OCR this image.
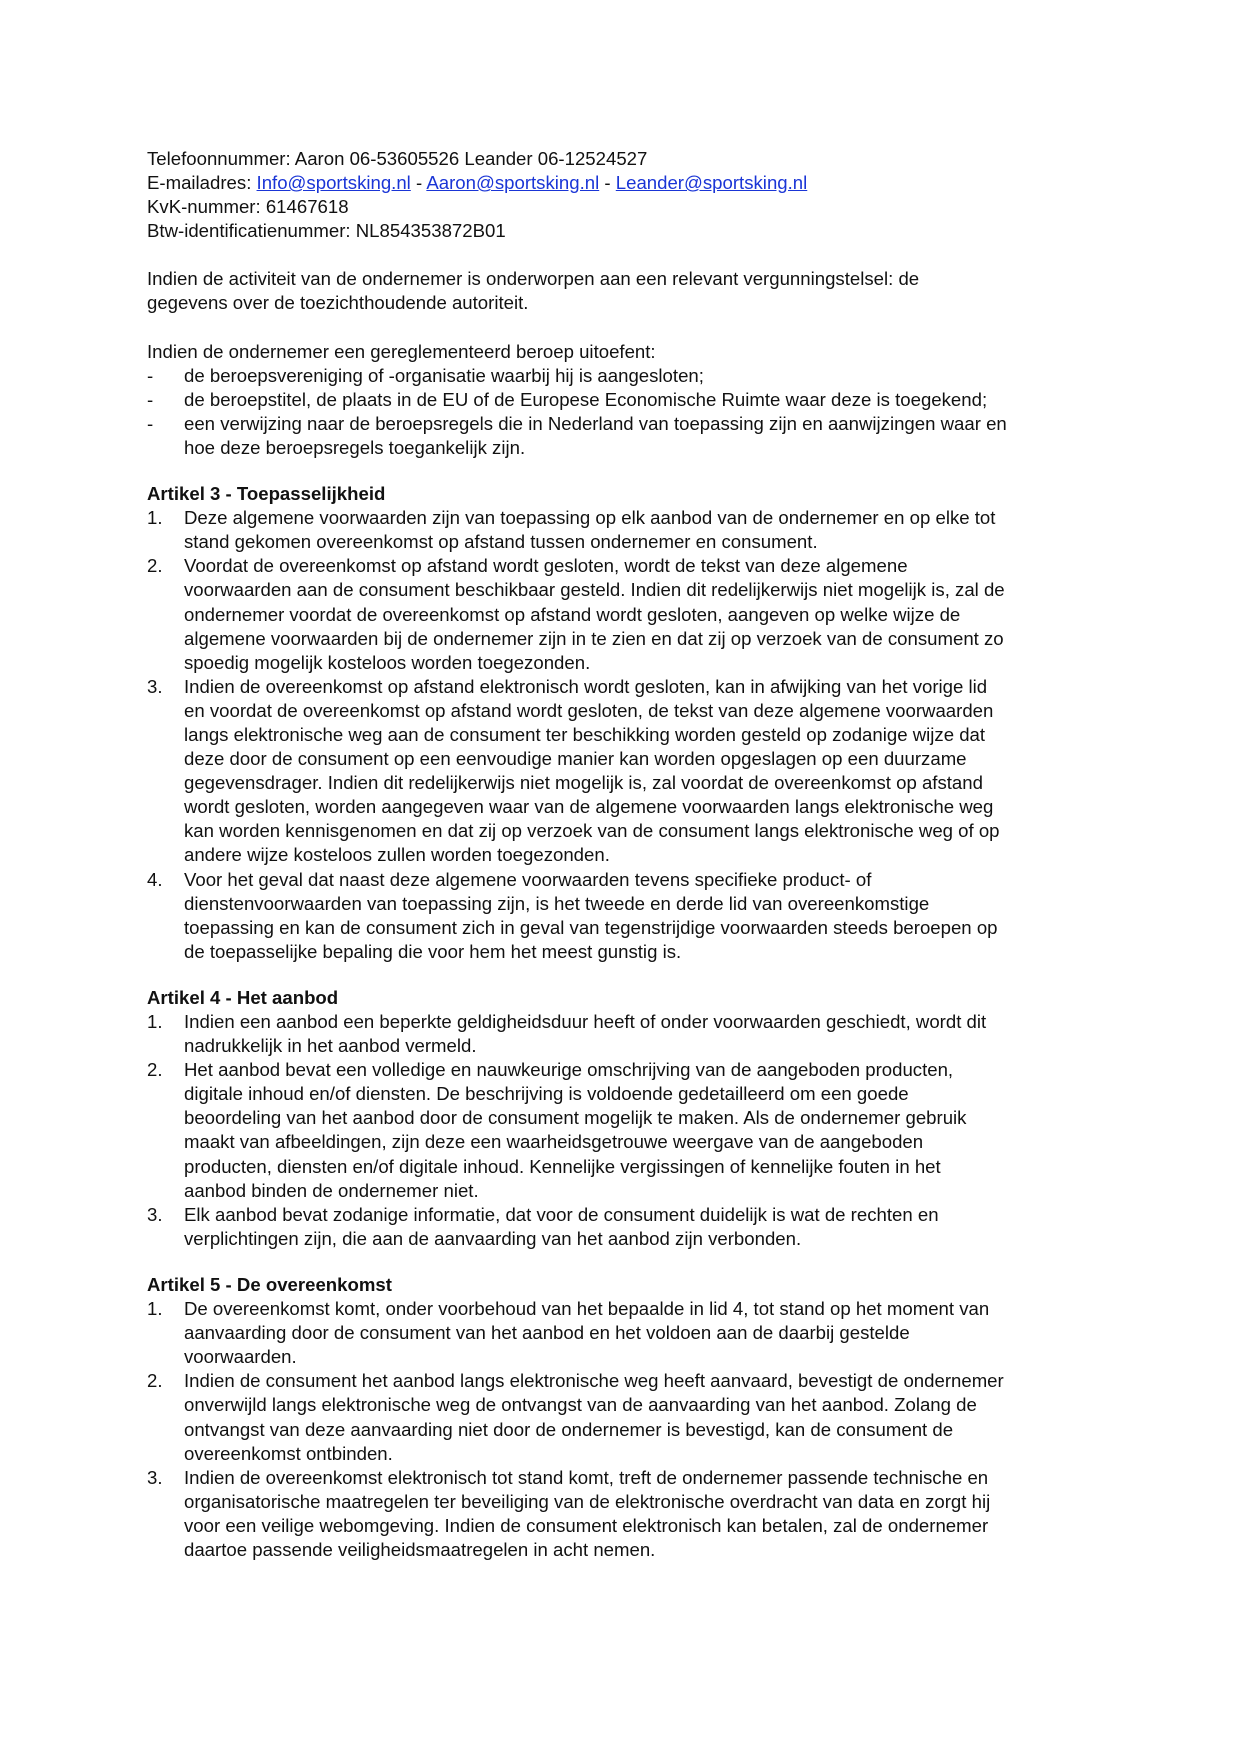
Telefoonnummer: Aaron 06-53605526 Leander 06-12524527
E-mailadres: Info@sportsking.nl - Aaron@sportsking.nl - Leander@sportsking.nl
KvK-nummer: 61467618
Btw-identificatienummer: NL854353872B01
Indien de activiteit van de ondernemer is onderworpen aan een relevant vergunningstelsel: de
gegevens over de toezichthoudende autoriteit.
Indien de ondernemer een gereglementeerd beroep uitoefent:
- de beroepsvereniging of -organisatie waarbij hij is aangesloten;
- de beroepstitel, de plaats in de EU of de Europese Economische Ruimte waar deze is toegekend;
- een verwijzing naar de beroepsregels die in Nederland van toepassing zijn en aanwijzingen waar en
hoe deze beroepsregels toegankelijk zijn.
Artikel 3 - Toepasselijkheid
1. Deze algemene voorwaarden zijn van toepassing op elk aanbod van de ondernemer en op elke tot
stand gekomen overeenkomst op afstand tussen ondernemer en consument.
2. Voordat de overeenkomst op afstand wordt gesloten, wordt de tekst van deze algemene
voorwaarden aan de consument beschikbaar gesteld. Indien dit redelijkerwijs niet mogelijk is, zal de
ondernemer voordat de overeenkomst op afstand wordt gesloten, aangeven op welke wijze de
algemene voorwaarden bij de ondernemer zijn in te zien en dat zij op verzoek van de consument zo
spoedig mogelijk kosteloos worden toegezonden.
3. Indien de overeenkomst op afstand elektronisch wordt gesloten, kan in afwijking van het vorige lid
en voordat de overeenkomst op afstand wordt gesloten, de tekst van deze algemene voorwaarden
langs elektronische weg aan de consument ter beschikking worden gesteld op zodanige wijze dat
deze door de consument op een eenvoudige manier kan worden opgeslagen op een duurzame
gegevensdrager. Indien dit redelijkerwijs niet mogelijk is, zal voordat de overeenkomst op afstand
wordt gesloten, worden aangegeven waar van de algemene voorwaarden langs elektronische weg
kan worden kennisgenomen en dat zij op verzoek van de consument langs elektronische weg of op
andere wijze kosteloos zullen worden toegezonden.
4. Voor het geval dat naast deze algemene voorwaarden tevens specifieke product- of
dienstenvoorwaarden van toepassing zijn, is het tweede en derde lid van overeenkomstige
toepassing en kan de consument zich in geval van tegenstrijdige voorwaarden steeds beroepen op
de toepasselijke bepaling die voor hem het meest gunstig is.
Artikel 4 - Het aanbod
1. Indien een aanbod een beperkte geldigheidsduur heeft of onder voorwaarden geschiedt, wordt dit
nadrukkelijk in het aanbod vermeld.
2. Het aanbod bevat een volledige en nauwkeurige omschrijving van de aangeboden producten,
digitale inhoud en/of diensten. De beschrijving is voldoende gedetailleerd om een goede
beoordeling van het aanbod door de consument mogelijk te maken. Als de ondernemer gebruik
maakt van afbeeldingen, zijn deze een waarheidsgetrouwe weergave van de aangeboden
producten, diensten en/of digitale inhoud. Kennelijke vergissingen of kennelijke fouten in het
aanbod binden de ondernemer niet.
3. Elk aanbod bevat zodanige informatie, dat voor de consument duidelijk is wat de rechten en
verplichtingen zijn, die aan de aanvaarding van het aanbod zijn verbonden.
Artikel 5 - De overeenkomst
1. De overeenkomst komt, onder voorbehoud van het bepaalde in lid 4, tot stand op het moment van
aanvaarding door de consument van het aanbod en het voldoen aan de daarbij gestelde
voorwaarden.
2. Indien de consument het aanbod langs elektronische weg heeft aanvaard, bevestigt de ondernemer
onverwijld langs elektronische weg de ontvangst van de aanvaarding van het aanbod. Zolang de
ontvangst van deze aanvaarding niet door de ondernemer is bevestigd, kan de consument de
overeenkomst ontbinden.
3. Indien de overeenkomst elektronisch tot stand komt, treft de ondernemer passende technische en
organisatorische maatregelen ter beveiliging van de elektronische overdracht van data en zorgt hij
voor een veilige webomgeving. Indien de consument elektronisch kan betalen, zal de ondernemer
daartoe passende veiligheidsmaatregelen in acht nemen.
